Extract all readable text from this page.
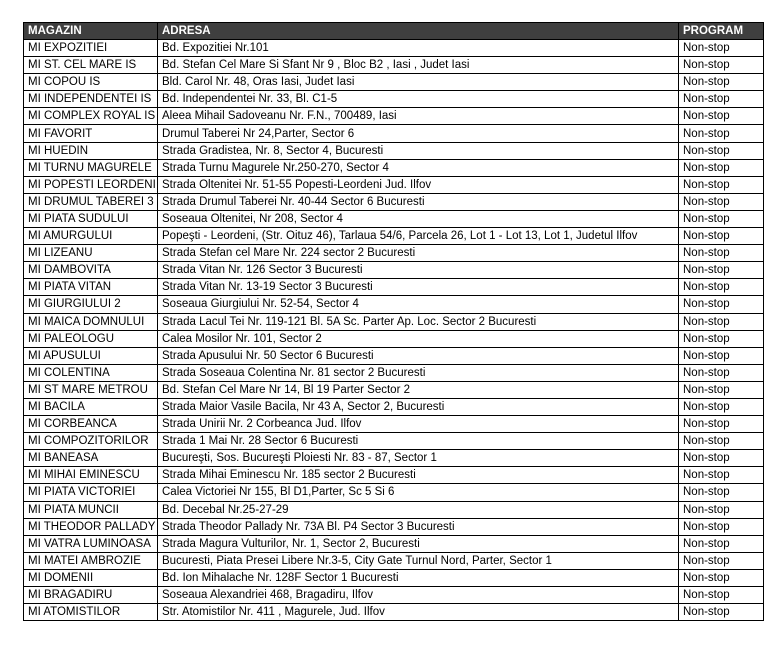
MAGAZIN	ADRESA	PROGRAM
MI EXPOZITIEI	Bd. Expozitiei Nr.101	Non-stop
MI ST. CEL MARE IS	Bd. Stefan Cel Mare Si Sfant Nr 9 , Bloc B2 , Iasi , Judet Iasi	Non-stop
MI COPOU IS	Bld. Carol Nr. 48, Oras Iasi, Judet Iasi	Non-stop
MI INDEPENDENTEI IS	Bd. Independentei Nr. 33, Bl. C1-5	Non-stop
MI COMPLEX ROYAL IS	Aleea Mihail Sadoveanu Nr. F.N., 700489, Iasi	Non-stop
MI FAVORIT	Drumul Taberei Nr 24,Parter, Sector 6	Non-stop
MI HUEDIN	Strada Gradistea, Nr. 8, Sector 4, Bucuresti	Non-stop
MI TURNU MAGURELE	Strada Turnu Magurele Nr.250-270, Sector 4	Non-stop
MI POPESTI LEORDENI	Strada Oltenitei Nr. 51-55 Popesti-Leordeni Jud. Ilfov	Non-stop
MI DRUMUL TABEREI 3	Strada Drumul Taberei Nr. 40-44 Sector 6 Bucuresti	Non-stop
MI PIATA SUDULUI	Soseaua Oltenitei, Nr 208, Sector 4	Non-stop
MI AMURGULUI	Popeşti - Leordeni, (Str. Oituz 46), Tarlaua 54/6, Parcela 26, Lot 1 - Lot 13, Lot 1, Judetul Ilfov	Non-stop
MI LIZEANU	Strada Stefan cel Mare Nr. 224 sector 2 Bucuresti	Non-stop
MI DAMBOVITA	Strada Vitan Nr. 126 Sector 3 Bucuresti	Non-stop
MI PIATA VITAN	Strada Vitan Nr. 13-19 Sector 3 Bucuresti	Non-stop
MI GIURGIULUI 2	Soseaua Giurgiului Nr. 52-54, Sector 4	Non-stop
MI MAICA DOMNULUI	Strada Lacul Tei Nr. 119-121 Bl. 5A Sc. Parter Ap. Loc. Sector 2 Bucuresti	Non-stop
MI PALEOLOGU	Calea Mosilor Nr. 101, Sector 2	Non-stop
MI APUSULUI	Strada Apusului Nr. 50 Sector 6 Bucuresti	Non-stop
MI COLENTINA	Strada Soseaua Colentina Nr. 81 sector 2 Bucuresti	Non-stop
MI ST MARE METROU	Bd. Stefan Cel Mare Nr 14, Bl 19 Parter Sector 2	Non-stop
MI BACILA	Strada Maior Vasile Bacila, Nr 43 A, Sector 2, Bucuresti	Non-stop
MI CORBEANCA	Strada Unirii Nr. 2 Corbeanca Jud. Ilfov	Non-stop
MI COMPOZITORILOR	Strada 1 Mai Nr. 28 Sector 6 Bucuresti	Non-stop
MI BANEASA	Bucureşti, Sos. Bucureşti Ploiesti Nr. 83 - 87, Sector 1	Non-stop
MI MIHAI EMINESCU	Strada Mihai Eminescu Nr. 185 sector 2 Bucuresti	Non-stop
MI PIATA VICTORIEI	Calea Victoriei Nr 155, Bl D1,Parter, Sc 5 Si 6	Non-stop
MI PIATA MUNCII	Bd. Decebal Nr.25-27-29	Non-stop
MI THEODOR PALLADY	Strada Theodor Pallady Nr. 73A Bl. P4 Sector 3 Bucuresti	Non-stop
MI VATRA LUMINOASA	Strada Magura Vulturilor, Nr. 1, Sector 2, Bucuresti	Non-stop
MI MATEI AMBROZIE	Bucuresti, Piata Presei Libere Nr.3-5, City Gate Turnul Nord, Parter, Sector 1	Non-stop
MI DOMENII	Bd. Ion Mihalache Nr. 128F Sector 1 Bucuresti	Non-stop
MI BRAGADIRU	Soseaua Alexandriei 468, Bragadiru, Ilfov	Non-stop
MI ATOMISTILOR	Str. Atomistilor Nr. 411 , Magurele, Jud. Ilfov	Non-stop
